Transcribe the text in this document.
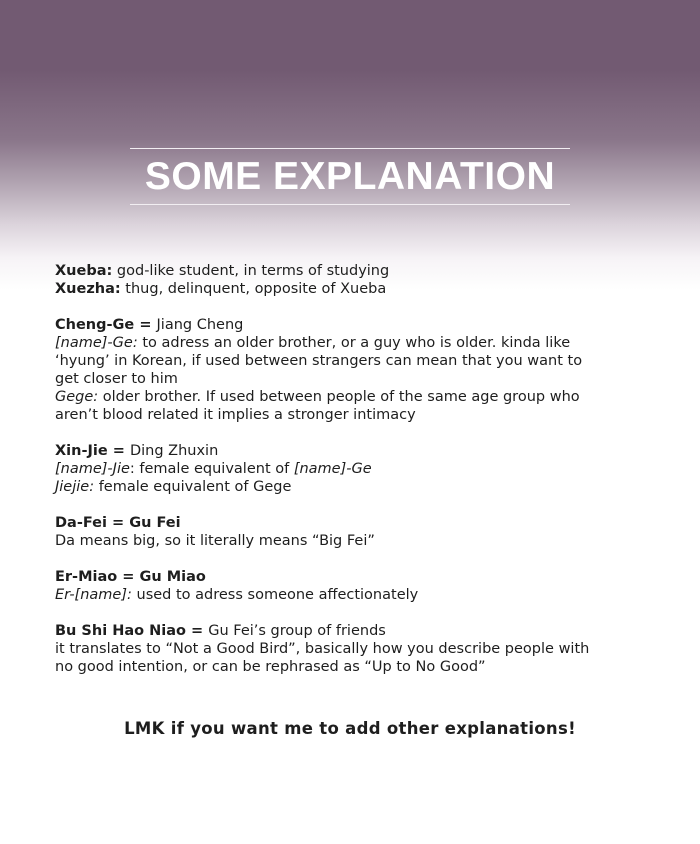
SOME EXPLANATION
Xueba: god-like student, in terms of studying
Xuezha: thug, delinquent, opposite of Xueba
Cheng-Ge = Jiang Cheng
[name]-Ge: to adress an older brother, or a guy who is older. kinda like
‘hyung’ in Korean, if used between strangers can mean that you want to
get closer to him
Gege: older brother. If used between people of the same age group who
aren’t blood related it implies a stronger intimacy
Xin-Jie = Ding Zhuxin
[name]-Jie: female equivalent of [name]-Ge
Jiejie: female equivalent of Gege
Da-Fei = Gu Fei
Da means big, so it literally means “Big Fei”
Er-Miao = Gu Miao
Er-[name]: used to adress someone affectionately
Bu Shi Hao Niao = Gu Fei’s group of friends
it translates to “Not a Good Bird”, basically how you describe people with
no good intention, or can be rephrased as “Up to No Good”
LMK if you want me to add other explanations!
